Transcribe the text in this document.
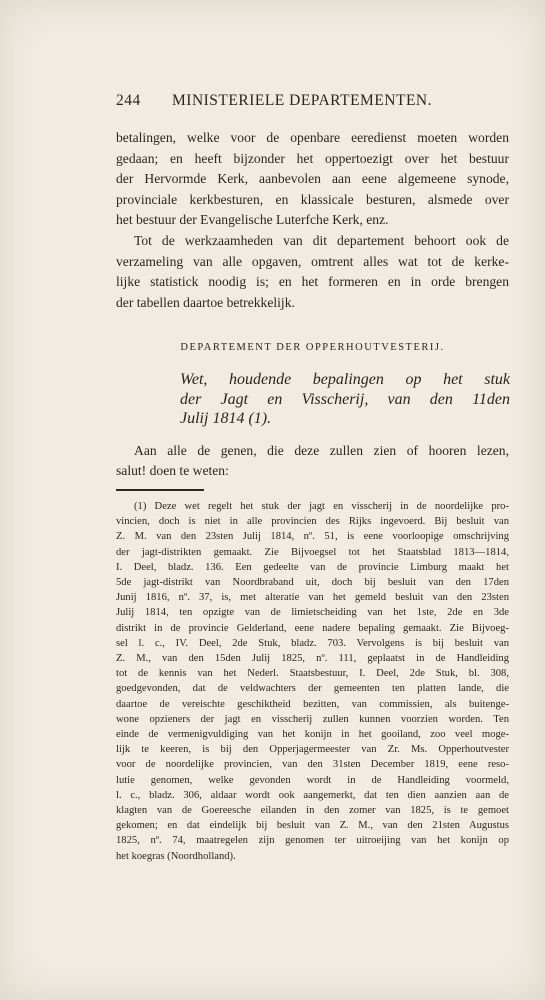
244 MINISTERIELE DEPARTEMENTEN.

betalingen, welke voor de openbare eeredienst moeten worden
gedaan; en heeft bijzonder het oppertoezigt over het bestuur
der Hervormde Kerk, aanbevolen aan eene algemeene synode,
provinciale kerkbesturen, en klassicale besturen, alsmede over
het bestuur der Evangelische Luterfche Kerk, enz.

Tot de werkzaamheden van dit departement behoort ook de
verzameling van alle opgaven, omtrent alles wat tot de kerke-
lijke statistick noodig is; en het formeren en in orde brengen
der tabellen daartoe betrekkelijk.

DEPARTEMENT DER OPPERHOUTVESTERIJ.
Wet, houdende bepalingen op het stuk
der Jagt en Visscherij, van den 11den
Julij 1814 (1).
Aan alle de genen, die deze zullen zien of hooren lezen,
salut! doen te weten:
(1) Deze wet regelt het stuk der jagt en visscherij in de noordelijke pro-
vincien, doch is niet in alle provincien des Rijks ingevoerd. Bij besluit van
Z. M. van den 23sten Julij 1814, nº. 51, is eene voorloopige omschrijving
der jagt-distrikten gemaakt. Zie Bijvoegsel tot het Staatsblad 1813—1814,
I. Deel, bladz. 136. Een gedeelte van de provincie Limburg maakt het
5de jagt-distrikt van Noordbraband uit, doch bij besluit van den 17den
Junij 1816, nº. 37, is, met alteratie van het gemeld besluit van den 23sten
Julij 1814, ten opzigte van de limietscheiding van het 1ste, 2de en 3de
distrikt in de provincie Gelderland, eene nadere bepaling gemaakt. Zie Bijvoeg-
sel l. c., IV. Deel, 2de Stuk, bladz. 703. Vervolgens is bij besluit van
Z. M., van den 15den Julij 1825, nº. 111, geplaatst in de Handleiding
tot de kennis van het Nederl. Staatsbestuur, I. Deel, 2de Stuk, bl. 308,
goedgevonden, dat de veldwachters der gemeenten ten platten lande, die
daartoe de vereischte geschiktheid bezitten, van commissien, als buitenge-
wone opzieners der jagt en visscherij zullen kunnen voorzien worden. Ten
einde de vermenigvuldiging van het konijn in het gooiland, zoo veel moge-
lijk te keeren, is bij den Opperjagermeester van Zr. Ms. Opperhoutvester
voor de noordelijke provincien, van den 31sten December 1819, eene reso-
lutie genomen, welke gevonden wordt in de Handleiding voormeld,
l. c., bladz. 306, aldaar wordt ook aangemerkt, dat ten dien aanzien aan de
klagten van de Goereesche eilanden in den zomer van 1825, is te gemoet
gekomen; en dat eindelijk bij besluit van Z. M., van den 21sten Augustus
1825, nº. 74, maatregelen zijn genomen ter uitroeijing van het konijn op
het koegras (Noordholland).
